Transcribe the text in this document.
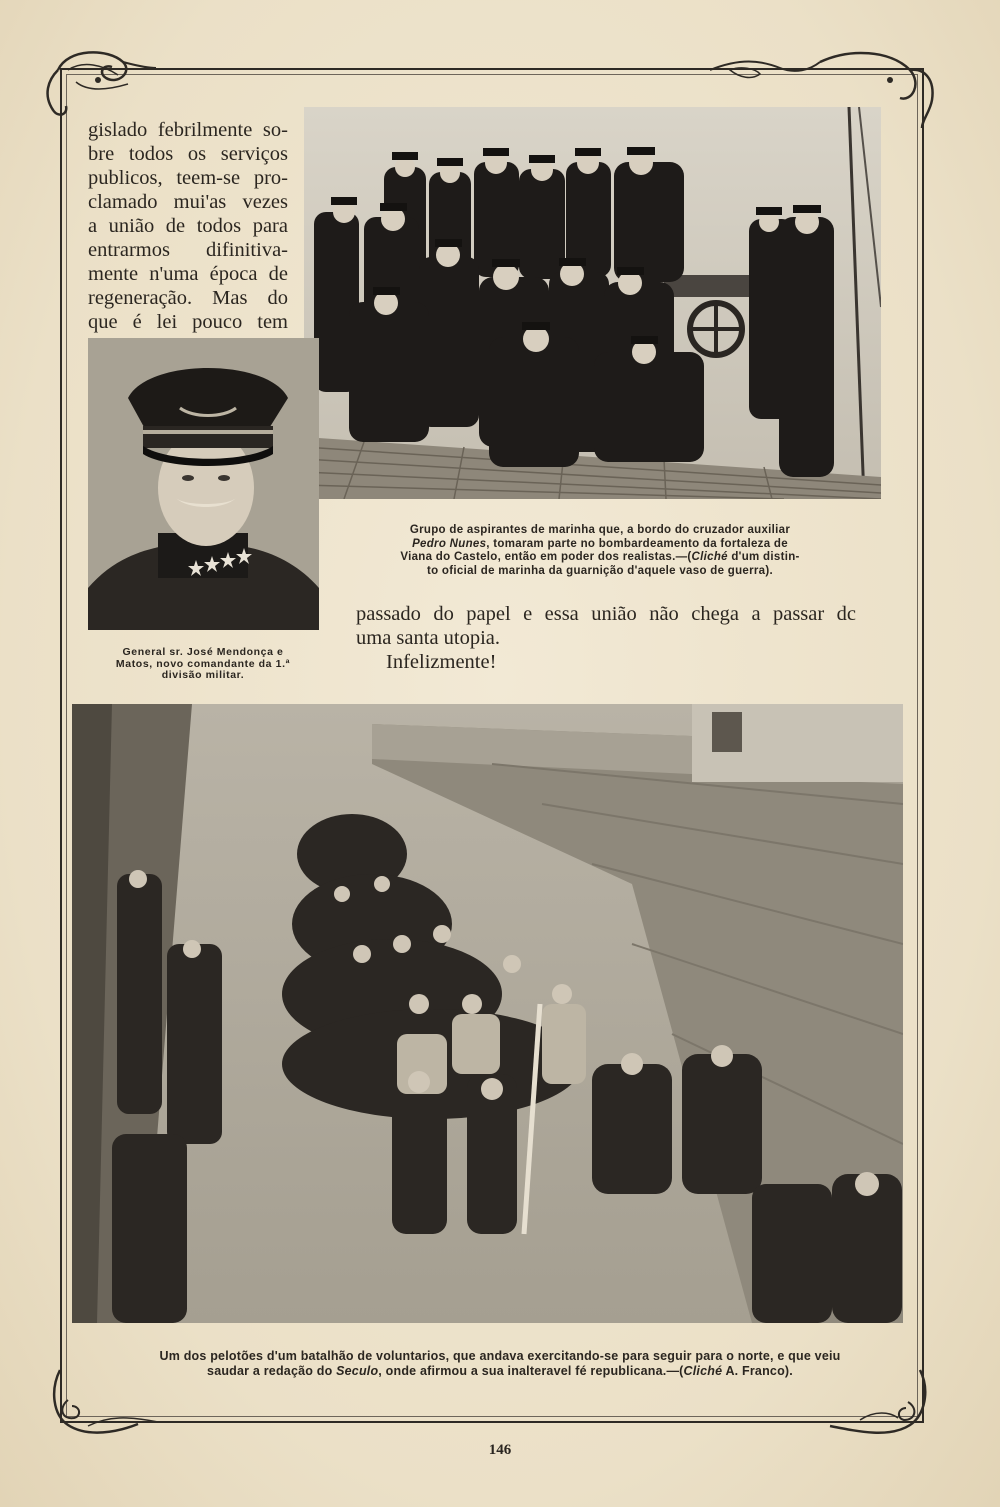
gislado febrilmente so-
bre todos os serviços
publicos, teem-se pro-
clamado mui'as vezes
a união de todos para
entrarmos difinitiva-
mente n'uma época de
regeneração. Mas do
que é lei pouco tem
Grupo de aspirantes de marinha que, a bordo do cruzador auxiliar
Pedro Nunes, tomaram parte no bombardeamento da fortaleza de
Viana do Castelo, então em poder dos realistas.—(Cliché d'um distin-
to oficial de marinha da guarnição d'aquele vaso de guerra).
passado do papel e essa união não chega a passar dc
uma santa utopia.
Infelizmente!
General sr. José Mendonça e
Matos, novo comandante da 1.ª
divisão militar.
Um dos pelotões d'um batalhão de voluntarios, que andava exercitando-se para seguir para o norte, e que veiu
saudar a redação do Seculo, onde afirmou a sua inalteravel fé republicana.—(Cliché A. Franco).
146
